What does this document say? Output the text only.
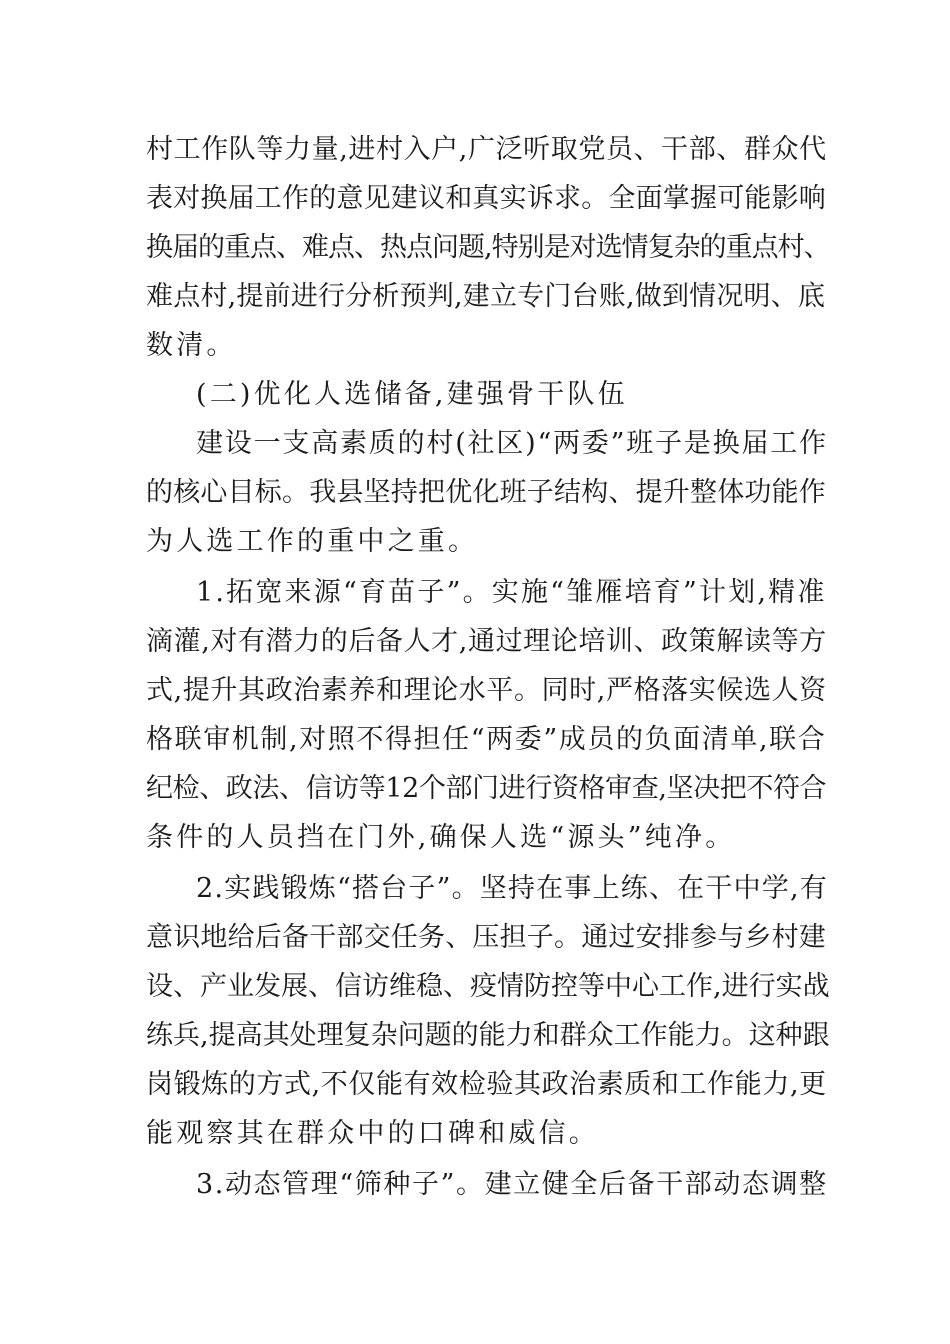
村工作队等力量,进村入户,广泛听取党员、干部、群众代
表对换届工作的意见建议和真实诉求。全面掌握可能影响
换届的重点、难点、热点问题,特别是对选情复杂的重点村、
难点村,提前进行分析预判,建立专门台账,做到情况明、底
数清。
(二)优化人选储备,建强骨干队伍
建设一支高素质的村(社区)“两委”班子是换届工作
的核心目标。我县坚持把优化班子结构、提升整体功能作
为人选工作的重中之重。
1.拓宽来源“育苗子”。实施“雏雁培育”计划,精准
滴灌,对有潜力的后备人才,通过理论培训、政策解读等方
式,提升其政治素养和理论水平。同时,严格落实候选人资
格联审机制,对照不得担任“两委”成员的负面清单,联合
纪检、政法、信访等12个部门进行资格审查,坚决把不符合
条件的人员挡在门外,确保人选“源头”纯净。
2.实践锻炼“搭台子”。坚持在事上练、在干中学,有
意识地给后备干部交任务、压担子。通过安排参与乡村建
设、产业发展、信访维稳、疫情防控等中心工作,进行实战
练兵,提高其处理复杂问题的能力和群众工作能力。这种跟
岗锻炼的方式,不仅能有效检验其政治素质和工作能力,更
能观察其在群众中的口碑和威信。
3.动态管理“筛种子”。建立健全后备干部动态调整
